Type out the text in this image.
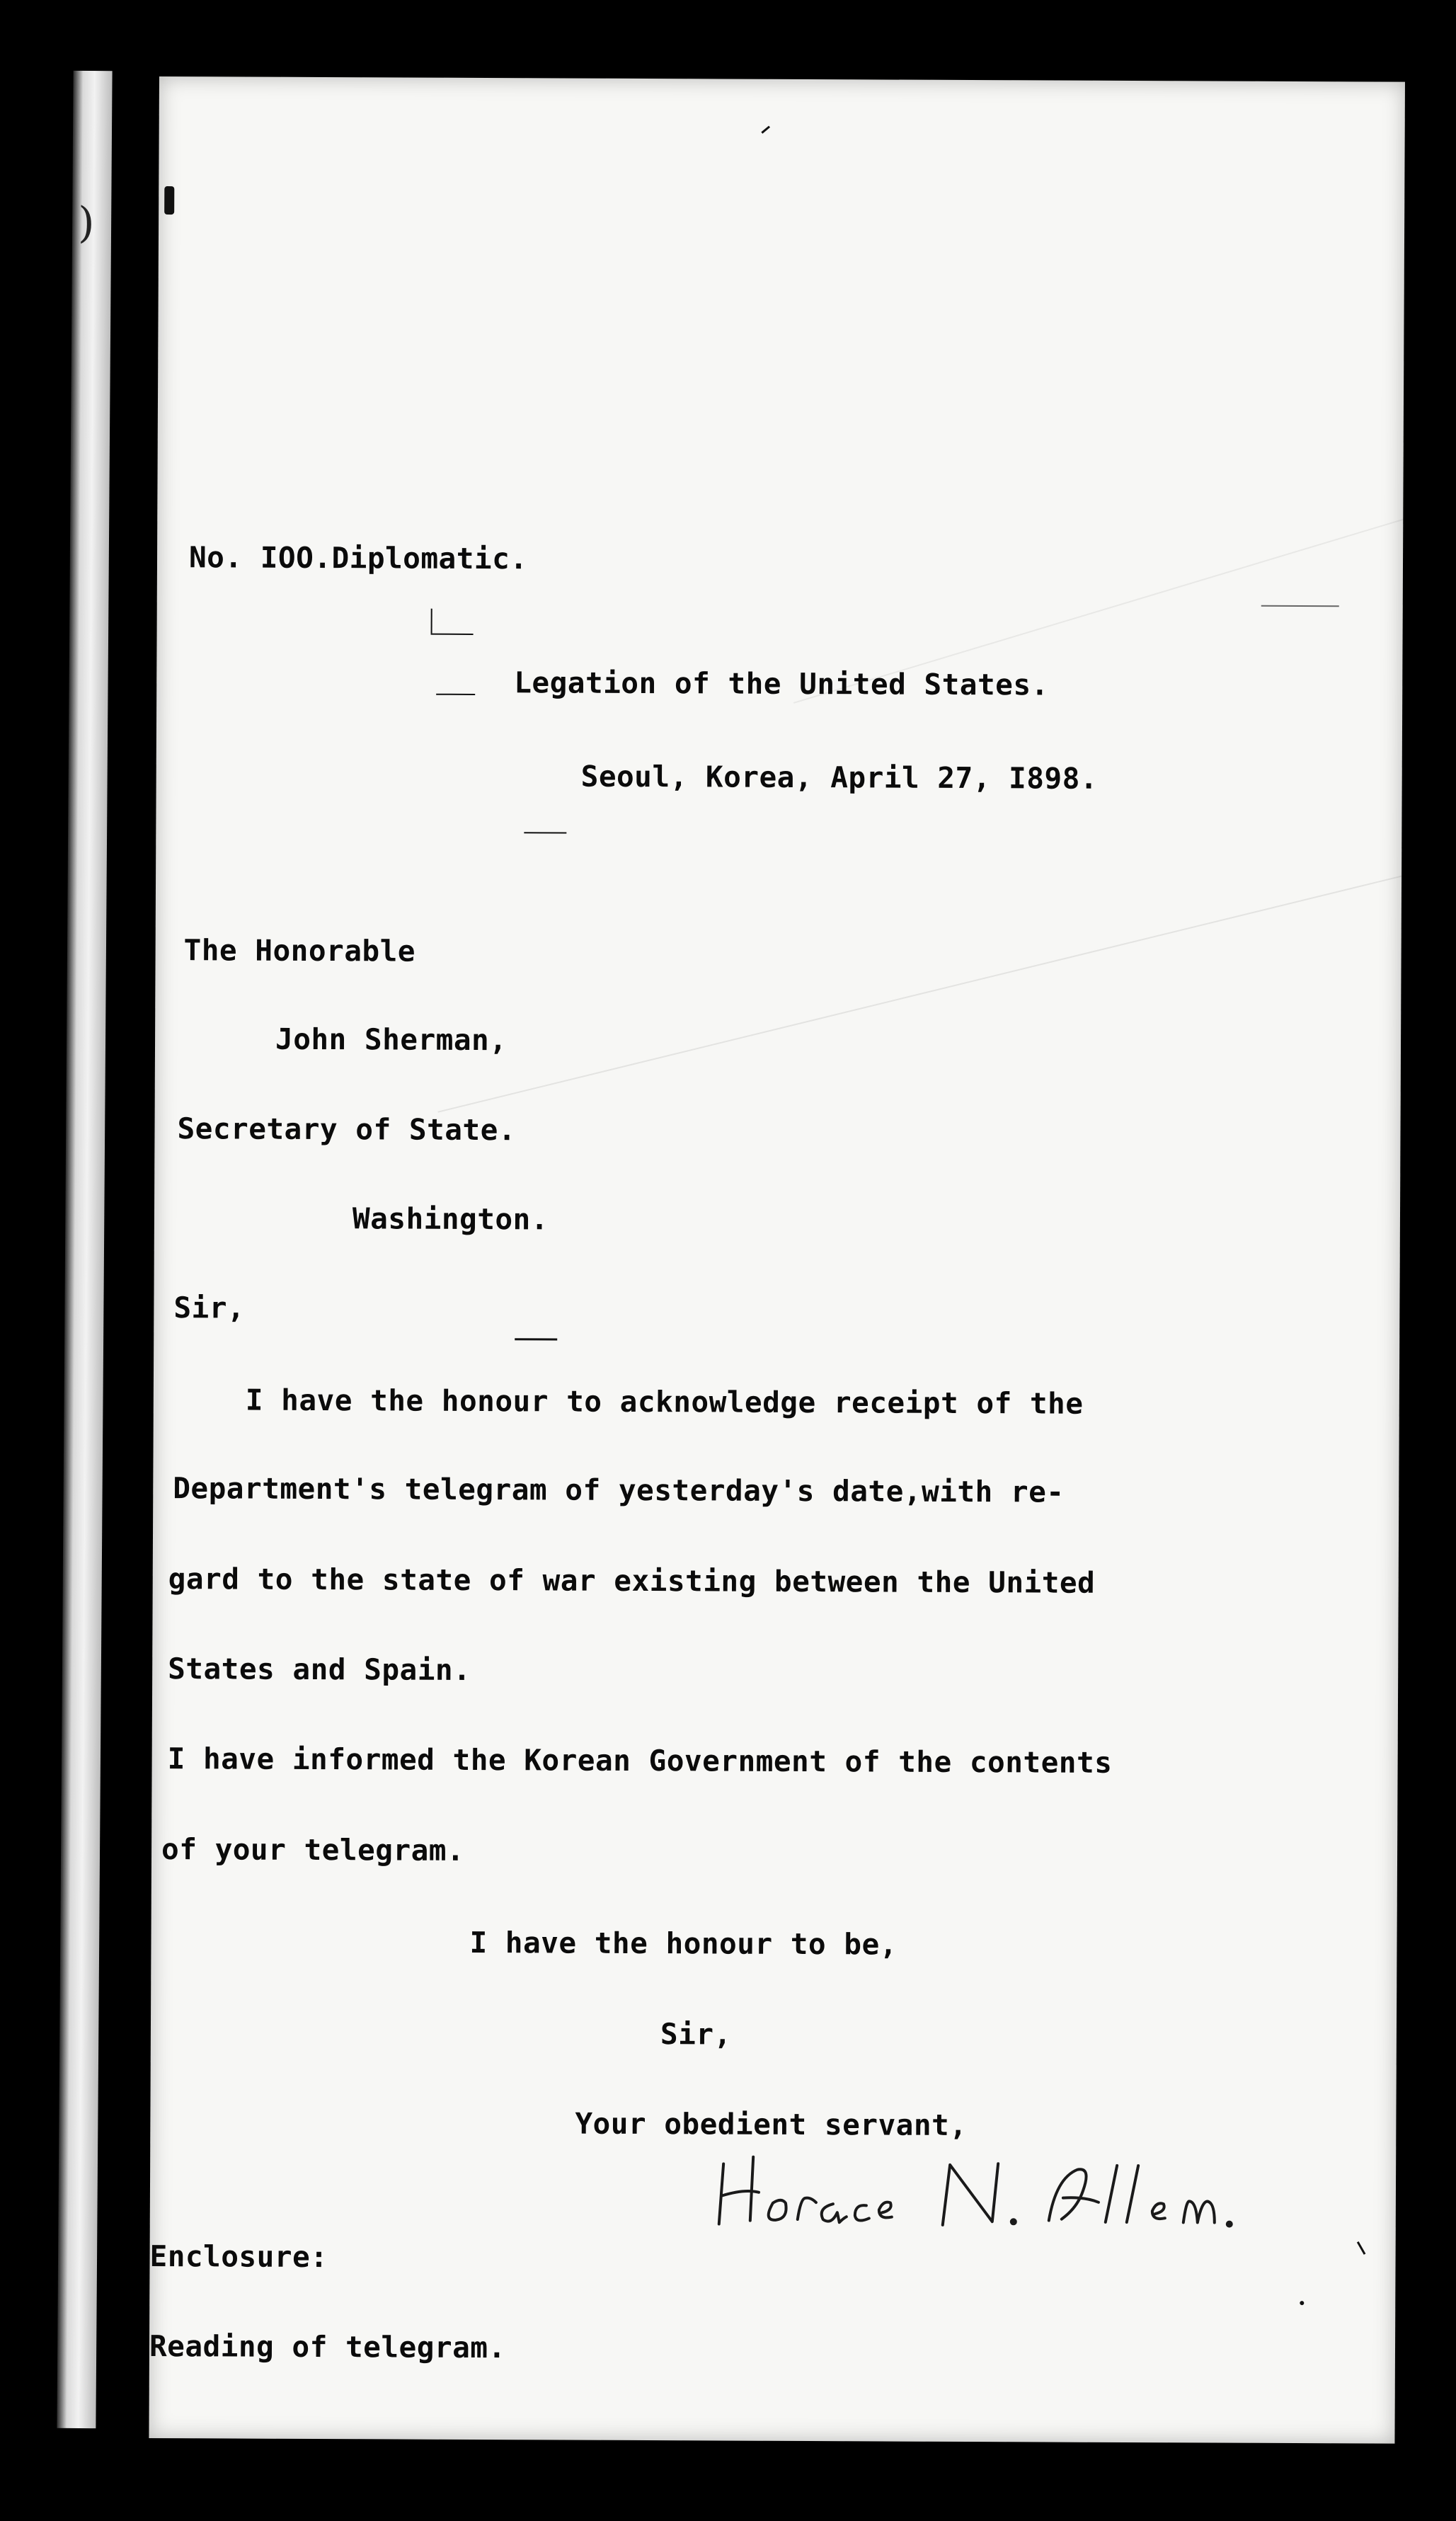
)
No. IOO.Diplomatic.
Legation of the United States.
Seoul, Korea, April 27, I898.
The Honorable
John Sherman,
Secretary of State.
Washington.
Sir,
I have the honour to acknowledge receipt of the
Department's telegram of yesterday's date,with re-
gard to the state of war existing between the United
States and Spain.
I have informed the Korean Government of the contents
of your telegram.
I have the honour to be,
Sir,
Your obedient servant,
Enclosure:
Reading of telegram.
